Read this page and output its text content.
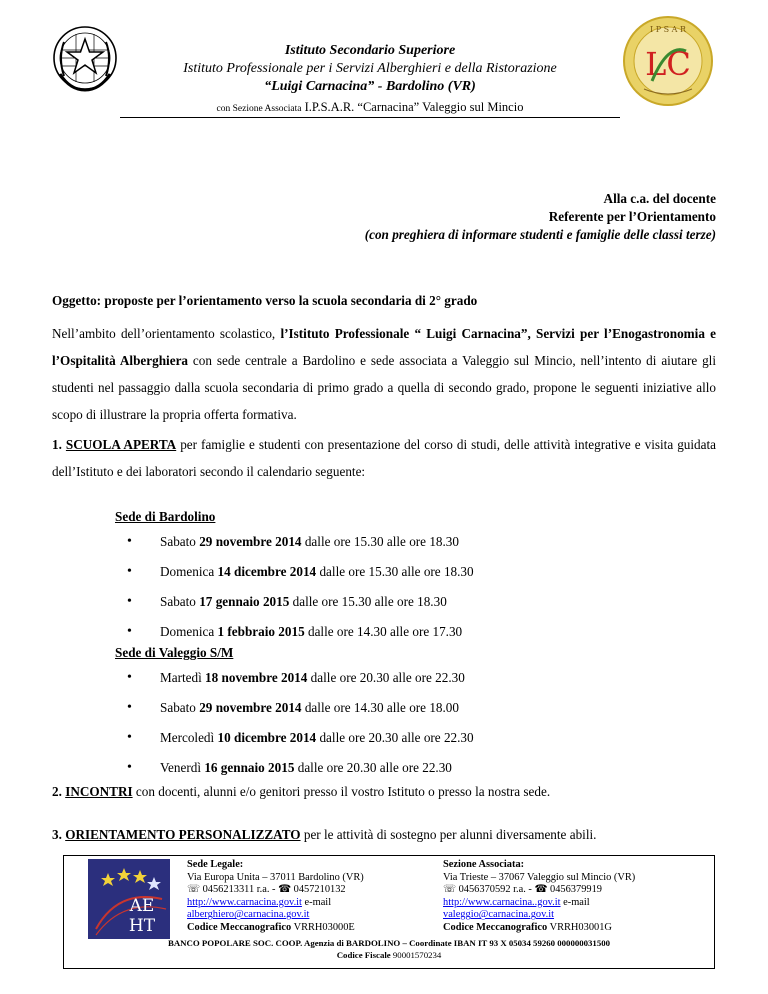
I P S A R
LC
Istituto Secondario Superiore
Istituto Professionale per i Servizi Alberghieri e della Ristorazione
“Luigi Carnacina” - Bardolino (VR)
con Sezione Associata I.P.S.A.R. “Carnacina” Valeggio sul Mincio
Alla c.a. del docente
Referente per l’Orientamento
(con preghiera di informare studenti e famiglie delle classi terze)
Oggetto: proposte per l’orientamento verso la scuola secondaria di 2° grado
Nell’ambito dell’orientamento scolastico, l’Istituto Professionale “ Luigi Carnacina”, Servizi per l’Enogastronomia e l’Ospitalità Alberghiera con sede centrale a Bardolino e sede associata a Valeggio sul Mincio, nell’intento di aiutare gli studenti nel passaggio dalla scuola secondaria di primo grado a quella di secondo grado, propone le seguenti iniziative allo scopo di illustrare la propria offerta formativa.
1. SCUOLA APERTA per famiglie e studenti con presentazione del corso di studi, delle attività integrative e visita guidata dell’Istituto e dei laboratori secondo il calendario seguente:
Sede di Bardolino
• Sabato 29 novembre 2014 dalle ore 15.30 alle ore 18.30
• Domenica 14 dicembre 2014 dalle ore 15.30 alle ore 18.30
• Sabato 17 gennaio 2015 dalle ore 15.30 alle ore 18.30
• Domenica 1 febbraio 2015 dalle ore 14.30 alle ore 17.30
Sede di Valeggio S/M
• Martedì 18 novembre 2014 dalle ore 20.30 alle ore 22.30
• Sabato 29 novembre 2014 dalle ore 14.30 alle ore 18.00
• Mercoledì 10 dicembre 2014 dalle ore 20.30 alle ore 22.30
• Venerdì 16 gennaio 2015 dalle ore 20.30 alle ore 22.30
2. INCONTRI con docenti, alunni e/o genitori presso il vostro Istituto o presso la nostra sede.
3. ORIENTAMENTO PERSONALIZZATO per le attività di sostegno per alunni diversamente abili.
AE
HT
Sede Legale:
Via Europa Unita – 37011 Bardolino (VR)
☏ 0456213311 r.a. - ☎ 0457210132
http://www.carnacina.gov.it e-mail
alberghiero@carnacina.gov.it
Codice Meccanografico VRRH03000E
Sezione Associata:
Via Trieste – 37067 Valeggio sul Mincio (VR)
☏ 0456370592 r.a. - ☎ 0456379919
http://www.carnacina..gov.it e-mail
valeggio@carnacina.gov.it
Codice Meccanografico VRRH03001G
BANCO POPOLARE SOC. COOP. Agenzia di BARDOLINO – Coordinate IBAN IT 93 X 05034 59260 000000031500
Codice Fiscale 90001570234
